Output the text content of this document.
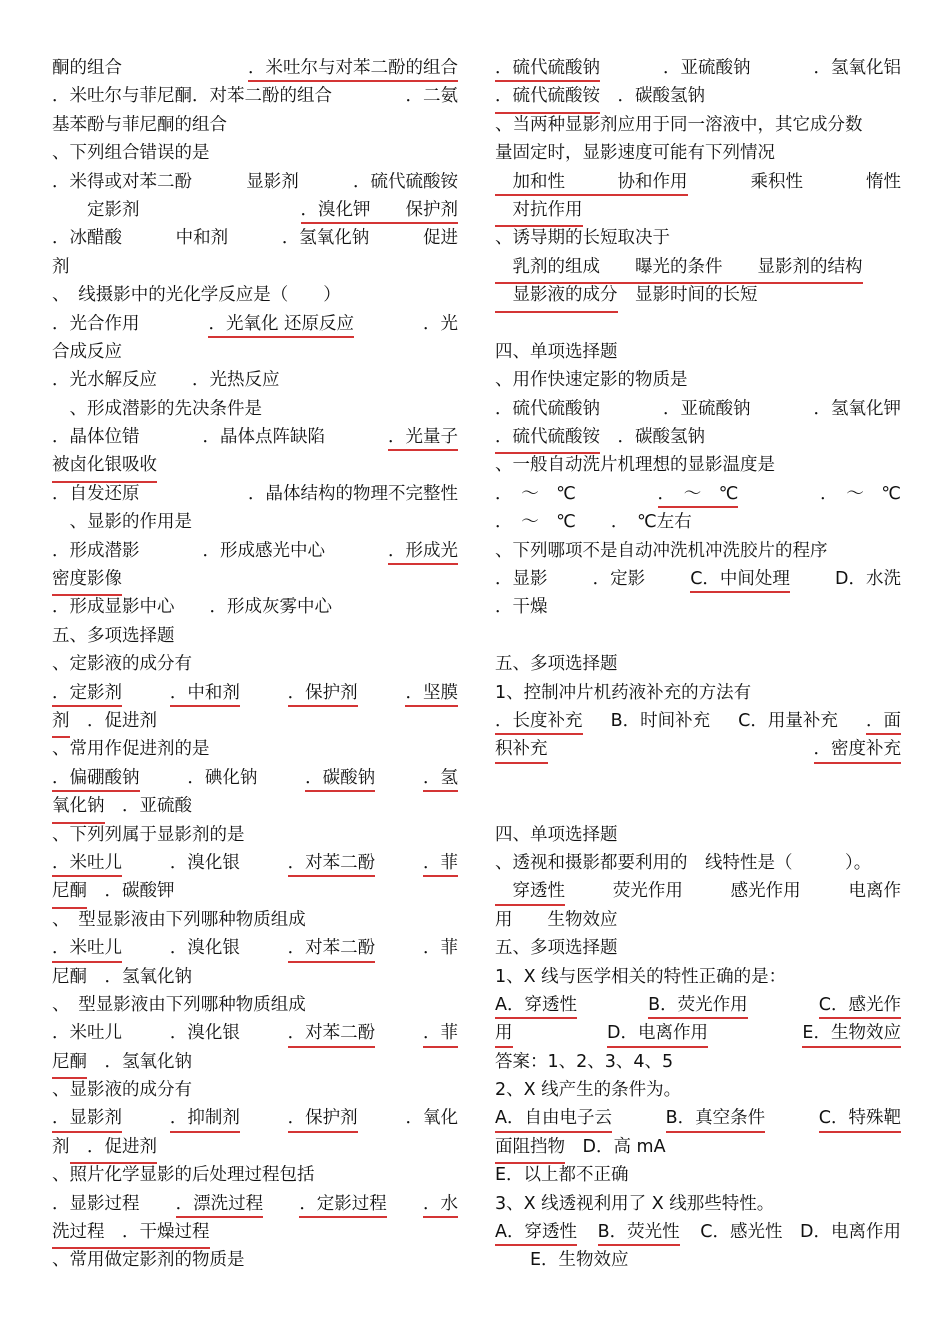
酮的组合	．米吐尔与对苯二酚的组合
．米吐尔与菲尼酮．对苯二酚的组合	．二氨
基苯酚与菲尼酮的组合
、下列组合错误的是
．米得或对苯二酚	显影剂	．硫代硫酸铵
　　定影剂	．溴化钾　　保护剂
．冰醋酸	中和剂	．氢氧化钠	促进
剂
、　线摄影中的光化学反应是（　　）
．光合作用	．光氧化 还原反应	．光
合成反应
．光水解反应　　．光热反应
　、形成潜影的先决条件是
．晶体位错	．晶体点阵缺陷	．光量子
被卤化银吸收
．自发还原	．晶体结构的物理不完整性
　、显影的作用是
．形成潜影	．形成感光中心	．形成光
密度影像
．形成显影中心　　．形成灰雾中心
五、多项选择题
、定影液的成分有
．定影剂	．中和剂	．保护剂	．坚膜
剂　．促进剂
、常用作促进剂的是
．偏硼酸钠	．碘化钠	．碳酸钠	．氢
氧化钠　．亚硫酸
、下列列属于显影剂的是
．米吐儿	．溴化银	．对苯二酚	．菲
尼酮　．碳酸钾
、　型显影液由下列哪种物质组成
．米吐儿	．溴化银	．对苯二酚	．菲
尼酮　．氢氧化钠
、　型显影液由下列哪种物质组成
．米吐儿	．溴化银	．对苯二酚	．菲
尼酮　．氢氧化钠
、显影液的成分有
．显影剂	．抑制剂	．保护剂	．氧化
剂　．促进剂
、照片化学显影的后处理过程包括
．显影过程 ．漂洗过程 ．定影过程 ．水
洗过程　．干燥过程
、常用做定影剂的物质是
．硫代硫酸钠	．亚硫酸钠	．氢氧化铝
．硫代硫酸铵　．碳酸氢钠
、当两种显影剂应用于同一溶液中，其它成分数
量固定时，显影速度可能有下列情况
　加和性　　　协和作用	乘积性	惰性
　对抗作用
、诱导期的长短取决于
　乳剂的组成　　曝光的条件　　显影剂的结构
　显影液的成分　显影时间的长短
四、单项选择题
、用作快速定影的物质是
．硫代硫酸钠	．亚硫酸钠	．氢氧化钾
．硫代硫酸铵　．碳酸氢钠
、一般自动洗片机理想的显影温度是
．　～　℃	．　～　℃	．　～　℃
．　～　℃　　．　℃左右
、下列哪项不是自动冲洗机冲洗胶片的程序
．显影	．定影	C．中间处理	D．水洗
．干燥
五、多项选择题
1、控制冲片机药液补充的方法有
．长度补充 B．时间补充 C．用量补充 ．面
积补充	．密度补充
四、单项选择题
、透视和摄影都要利用的　线特性是（　　　）。
　穿透性	荧光作用	感光作用	电离作
用　　生物效应
五、多项选择题
1、X 线与医学相关的特性正确的是：
A．穿透性	B．荧光作用	C．感光作
用	D．电离作用	E．生物效应
答案：1、2、3、4、5
2、X 线产生的条件为。
A．自由电子云	B．真空条件	C．特殊靶
面阻挡物　D．高 mA
E．以上都不正确
3、X 线透视利用了 X 线那些特性。
A．穿透性 B．荧光性 C．感光性　D．电离作用
　　E．生物效应
